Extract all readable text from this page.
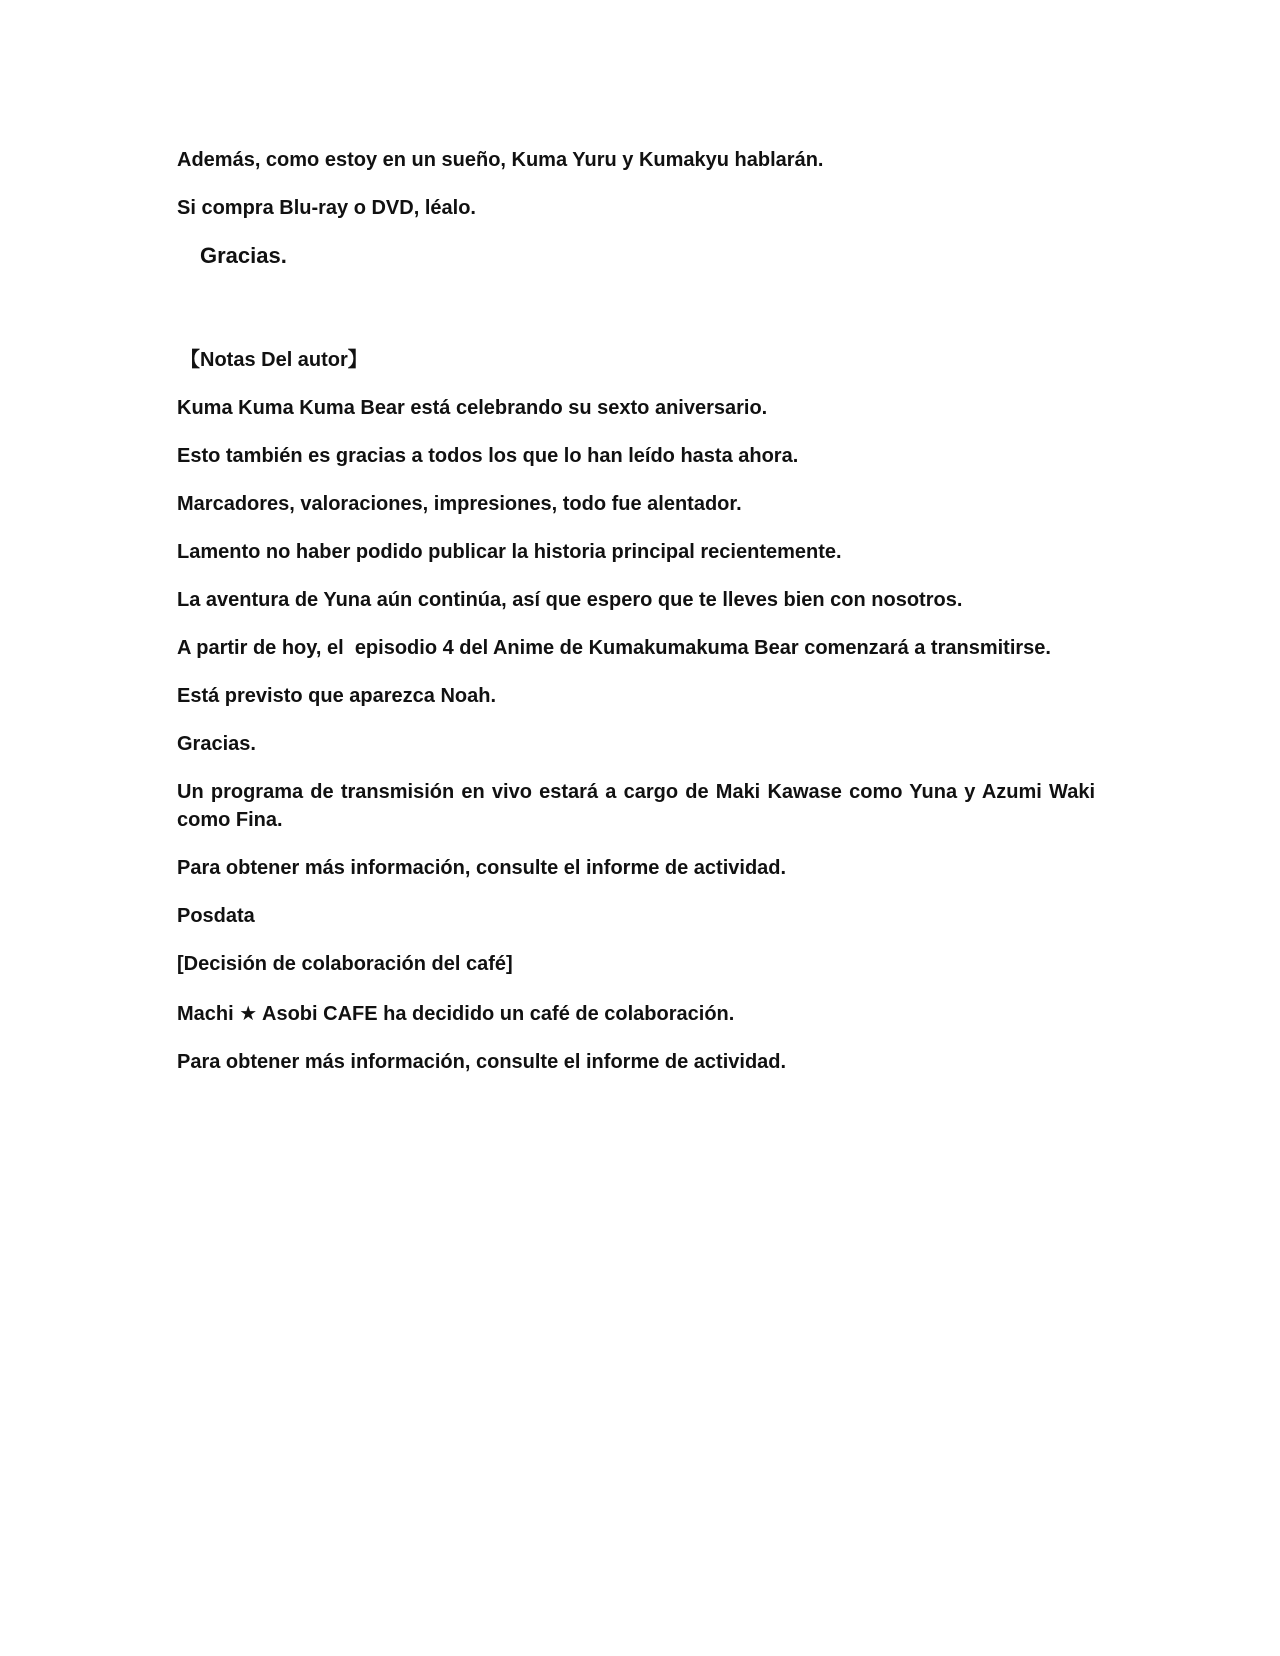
Además, como estoy en un sueño, Kuma Yuru y Kumakyu hablarán.

Si compra Blu-ray o DVD, léalo.

Gracias.

【Notas Del autor】

Kuma Kuma Kuma Bear está celebrando su sexto aniversario.

Esto también es gracias a todos los que lo han leído hasta ahora.

Marcadores, valoraciones, impresiones, todo fue alentador.

Lamento no haber podido publicar la historia principal recientemente.

La aventura de Yuna aún continúa, así que espero que te lleves bien con nosotros.

A partir de hoy, el  episodio 4 del Anime de Kumakumakuma Bear comenzará a transmitirse.

Está previsto que aparezca Noah.

Gracias.

Un programa de transmisión en vivo estará a cargo de Maki Kawase como Yuna y Azumi Waki como Fina.

Para obtener más información, consulte el informe de actividad.

Posdata

[Decisión de colaboración del café]

Machi ★ Asobi CAFE ha decidido un café de colaboración.

Para obtener más información, consulte el informe de actividad.
